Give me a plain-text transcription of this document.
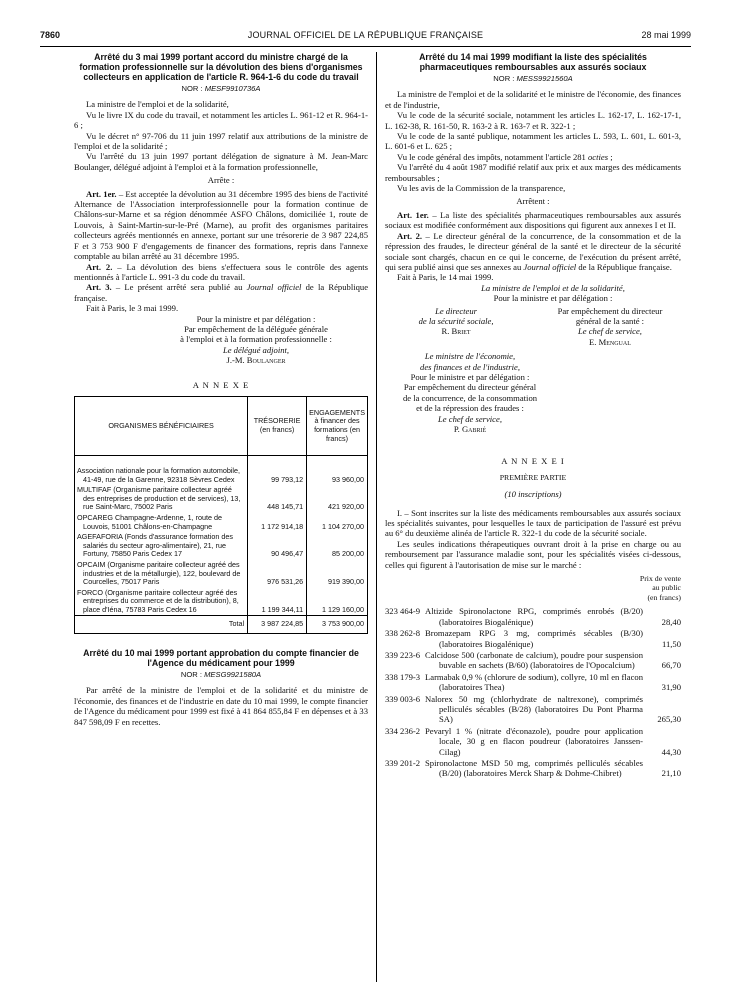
7860	JOURNAL OFFICIEL DE LA RÉPUBLIQUE FRANÇAISE	28 mai 1999

Arrêté du 3 mai 1999 portant accord du ministre chargé de la formation professionnelle sur la dévolution des biens d'organismes collecteurs en application de l'article R. 964-1-6 du code du travail

NOR : MESF9910736A

La ministre de l'emploi et de la solidarité,

Vu le livre IX du code du travail, et notamment les articles L. 961-12 et R. 964-1-6 ;

Vu le décret n° 97-706 du 11 juin 1997 relatif aux attributions de la ministre de l'emploi et de la solidarité ;

Vu l'arrêté du 13 juin 1997 portant délégation de signature à M. Jean-Marc Boulanger, délégué adjoint à l'emploi et à la formation professionnelle,

Arrête :

Art. 1er. – Est acceptée la dévolution au 31 décembre 1995 des biens de l'activité Alternance de l'Association interprofessionnelle pour la formation continue de Châlons-sur-Marne et sa région dénommée ASFO Châlons, domiciliée 1, route de Louvois, à Saint-Martin-sur-le-Pré (Marne), au profit des organismes paritaires collecteurs agréés mentionnés en annexe, portant sur une trésorerie de 3 987 224,85 F et 3 753 900 F d'engagements de financer des formations, repris dans l'annexe comptable au bilan arrêté au 31 décembre 1995.

Art. 2. – La dévolution des biens s'effectuera sous le contrôle des agents mentionnés à l'article L. 991-3 du code du travail.

Art. 3. – Le présent arrêté sera publié au Journal officiel de la République française.

Fait à Paris, le 3 mai 1999.

Pour la ministre et par délégation :
Par empêchement de la déléguée générale
à l'emploi et à la formation professionnelle :
Le délégué adjoint,
J.-M. Boulanger

A N N E X E

ORGANISMES BÉNÉFICIAIRES	TRÉSORERIE (en francs)	ENGAGEMENTS à financer des formations (en francs)

Association nationale pour la formation automobile, 41-49, rue de la Garenne, 92318 Sèvres Cedex	99 793,12	93 960,00
MULTIFAF (Organisme paritaire collecteur agréé des entreprises de production et de services), 13, rue Saint-Marc, 75002 Paris	448 145,71	421 920,00
OPCAREG Champagne-Ardenne, 1, route de Louvois, 51001 Châlons-en-Champagne	1 172 914,18	1 104 270,00
AGEFAFORIA (Fonds d'assurance formation des salariés du secteur agro-alimentaire), 21, rue Fortuny, 75850 Paris Cedex 17	90 496,47	85 200,00
OPCAIM (Organisme paritaire collecteur agréé des industries et de la métallurgie), 122, boulevard de Courcelles, 75017 Paris	976 531,26	919 390,00
FORCO (Organisme paritaire collecteur agréé des entreprises du commerce et de la distribution), 8, place d'Iéna, 75783 Paris Cedex 16	1 199 344,11	1 129 160,00
Total	3 987 224,85	3 753 900,00

Arrêté du 10 mai 1999 portant approbation du compte financier de l'Agence du médicament pour 1999

NOR : MESG9921580A

Par arrêté de la ministre de l'emploi et de la solidarité et du ministre de l'économie, des finances et de l'industrie en date du 10 mai 1999, le compte financier de l'Agence du médicament pour 1999 est fixé à 41 864 855,84 F en dépenses et à 33 847 598,09 F en recettes.

Arrêté du 14 mai 1999 modifiant la liste des spécialités pharmaceutiques remboursables aux assurés sociaux

NOR : MESS9921560A

La ministre de l'emploi et de la solidarité et le ministre de l'économie, des finances et de l'industrie,

Vu le code de la sécurité sociale, notamment les articles L. 162-17, L. 162-17-1, L. 162-38, R. 161-50, R. 163-2 à R. 163-7 et R. 322-1 ;

Vu le code de la santé publique, notamment les articles L. 593, L. 601, L. 601-3, L. 601-6 et L. 625 ;

Vu le code général des impôts, notamment l'article 281 octies ;

Vu l'arrêté du 4 août 1987 modifié relatif aux prix et aux marges des médicaments remboursables ;

Vu les avis de la Commission de la transparence,

Arrêtent :

Art. 1er. – La liste des spécialités pharmaceutiques remboursables aux assurés sociaux est modifiée conformément aux dispositions qui figurent aux annexes I et II.

Art. 2. – Le directeur général de la concurrence, de la consommation et de la répression des fraudes, le directeur général de la santé et le directeur de la sécurité sociale sont chargés, chacun en ce qui le concerne, de l'exécution du présent arrêté, qui sera publié ainsi que ses annexes au Journal officiel de la République française.

Fait à Paris, le 14 mai 1999.

La ministre de l'emploi et de la solidarité,
Pour la ministre et par délégation :
Le directeur
de la sécurité sociale,
R. Briet
Par empêchement du directeur
général de la santé :
Le chef de service,
E. Mengual
Le ministre de l'économie,
des finances et de l'industrie,
Pour le ministre et par délégation :
Par empêchement du directeur général
de la concurrence, de la consommation
et de la répression des fraudes :
Le chef de service,
P. Gabrié

A N N E X E I

PREMIÈRE PARTIE

(10 inscriptions)

I. – Sont inscrites sur la liste des médicaments remboursables aux assurés sociaux les spécialités suivantes, pour lesquelles le taux de participation de l'assuré est prévu au 6° du deuxième alinéa de l'article R. 322-1 du code de la sécurité sociale.

Les seules indications thérapeutiques ouvrant droit à la prise en charge ou au remboursement par l'assurance maladie sont, pour les spécialités visées ci-dessous, celles qui figurent à l'autorisation de mise sur le marché :

Prix de vente
au public
(en francs)
323 464-9 Altizide Spironolactone RPG, comprimés enrobés (B/20) (laboratoires Biogalénique)	28,40
338 262-8 Bromazepam RPG 3 mg, comprimés sécables (B/30) (laboratoires Biogalénique)	11,50
339 223-6 Calcidose 500 (carbonate de calcium), poudre pour suspension buvable en sachets (B/60) (laboratoires de l'Opocalcium)	66,70
338 179-3 Larmabak 0,9 % (chlorure de sodium), collyre, 10 ml en flacon (laboratoires Thea)	31,90
339 003-6 Nalorex 50 mg (chlorhydrate de naltrexone), comprimés pelliculés sécables (B/28) (laboratoires Du Pont Pharma SA)	265,30
334 236-2 Pevaryl 1 % (nitrate d'éconazole), poudre pour application locale, 30 g en flacon poudreur (laboratoires Janssen-Cilag)	44,30
339 201-2 Spironolactone MSD 50 mg, comprimés pelliculés sécables (B/20) (laboratoires Merck Sharp & Dohme-Chibret)	21,10
